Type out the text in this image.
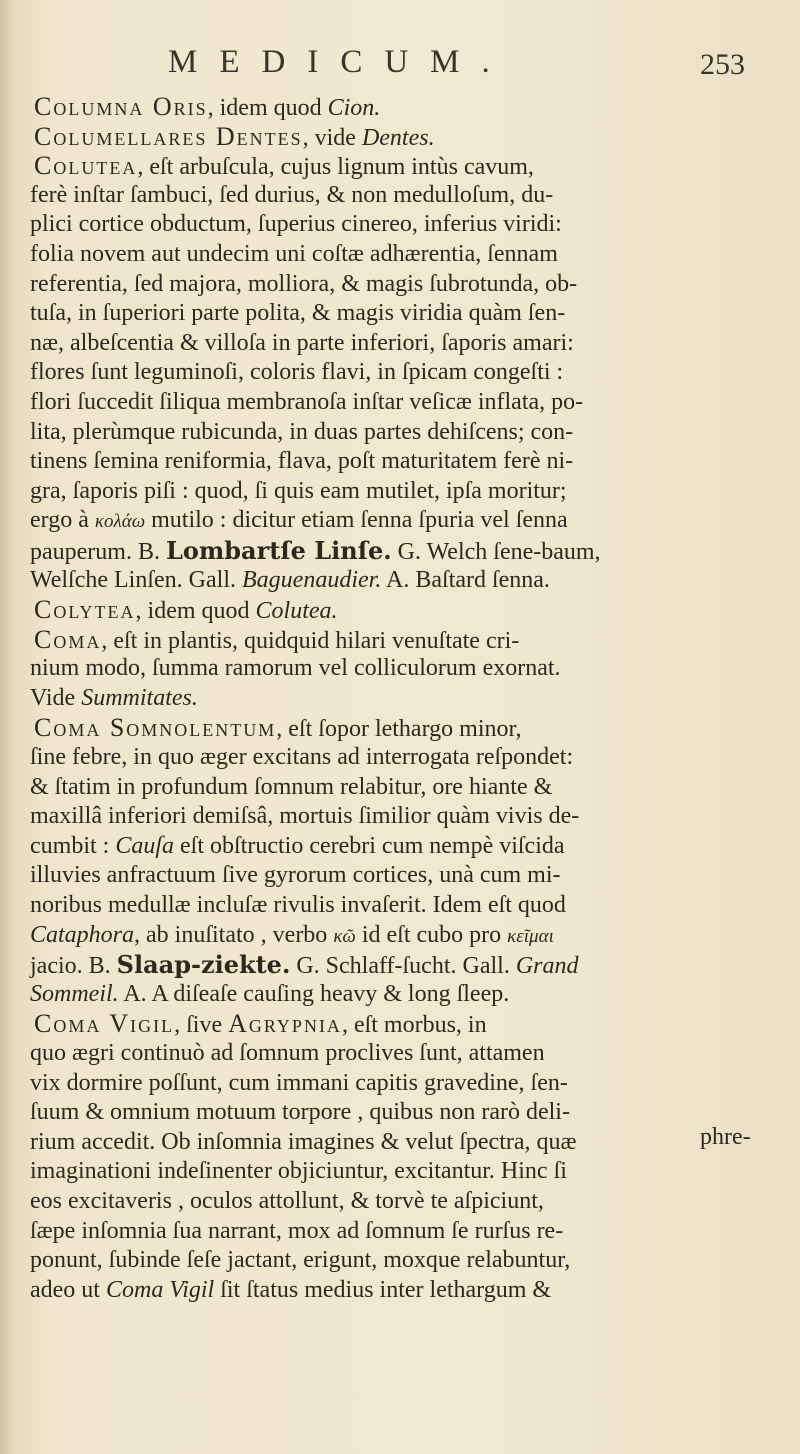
MEDICUM.	253
Columna Oris, idem quod Cion.
Columellares Dentes, vide Dentes.
Colutea, eſt arbuſcula, cujus lignum intùs cavum,
ferè inſtar ſambuci, ſed durius, & non medulloſum, du-
plici cortice obductum, ſuperius cinereo, inferius viridi:
folia novem aut undecim uni coſtæ adhærentia, ſennam
referentia, ſed majora, molliora, & magis ſubrotunda, ob-
tuſa, in ſuperiori parte polita, & magis viridia quàm ſen-
næ, albeſcentia & villoſa in parte inferiori, ſaporis amari:
flores ſunt leguminoſi, coloris flavi, in ſpicam congeſti :
flori ſuccedit ſiliqua membranoſa inſtar veſicæ inflata, po-
lita, plerùmque rubicunda, in duas partes dehiſcens; con-
tinens ſemina reniformia, flava, poſt maturitatem ferè ni-
gra, ſaporis piſi : quod, ſi quis eam mutilet, ipſa moritur;
ergo à κολάω mutilo : dicitur etiam ſenna ſpuria vel ſenna
pauperum. B. Lombartſe Linſe. G. Welch ſene-baum,
Welſche Linſen. Gall. Baguenaudier. A. Baſtard ſenna.
Colytea, idem quod Colutea.
Coma, eſt in plantis, quidquid hilari venuſtate cri-
nium modo, ſumma ramorum vel colliculorum exornat.
Vide Summitates.
Coma Somnolentum, eſt ſopor lethargo minor,
ſine febre, in quo æger excitans ad interrogata reſpondet:
& ſtatim in profundum ſomnum relabitur, ore hiante &
maxillâ inferiori demiſsâ, mortuis ſimilior quàm vivis de-
cumbit : Cauſa eſt obſtructio cerebri cum nempè viſcida
illuvies anfractuum ſive gyrorum cortices, unà cum mi-
noribus medullæ incluſæ rivulis invaſerit. Idem eſt quod
Cataphora, ab inuſitato , verbo κῶ id eſt cubo pro κεῖμαι
jacio. B. Slaap-ziekte. G. Schlaff-ſucht. Gall. Grand
Sommeil. A. A diſeaſe cauſing heavy & long ſleep.
Coma Vigil, ſive Agrypnia, eſt morbus, in
quo ægri continuò ad ſomnum proclives ſunt, attamen
vix dormire poſſunt, cum immani capitis gravedine, ſen-
ſuum & omnium motuum torpore , quibus non rarò deli-
rium accedit. Ob inſomnia imagines & velut ſpectra, quæ
imaginationi indeſinenter objiciuntur, excitantur. Hinc ſi
eos excitaveris , oculos attollunt, & torvè te aſpiciunt,
ſæpe inſomnia ſua narrant, mox ad ſomnum ſe rurſus re-
ponunt, ſubinde ſeſe jactant, erigunt, moxque relabuntur,
adeo ut Coma Vigil ſit ſtatus medius inter lethargum &
phre-
